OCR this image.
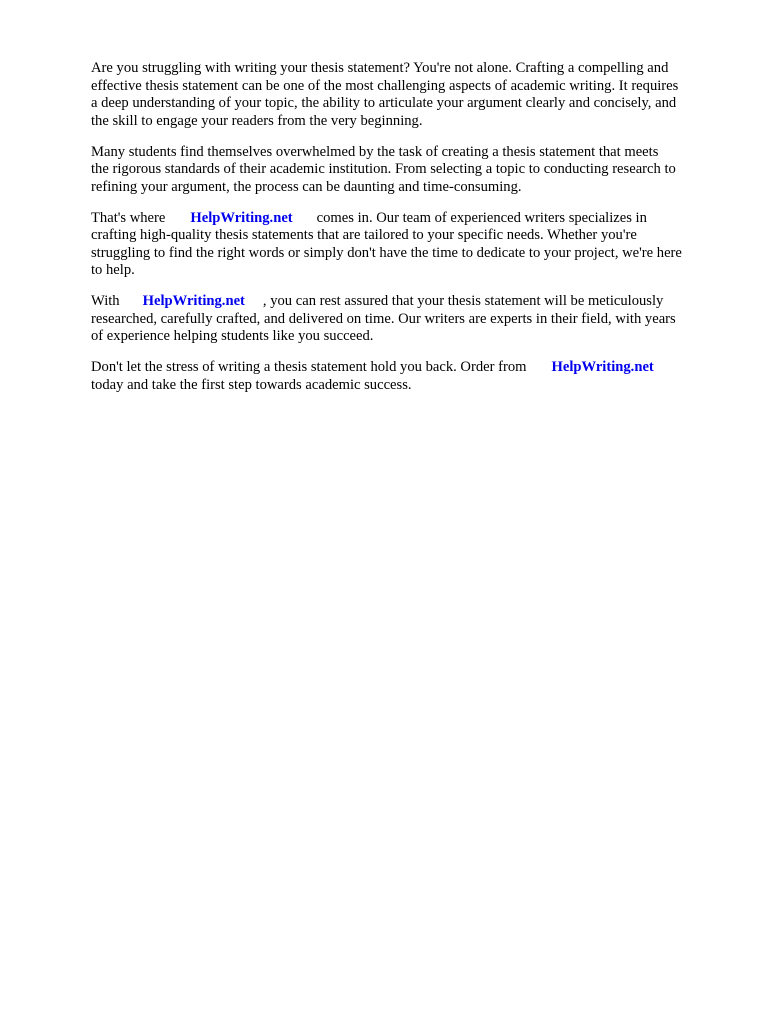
Are you struggling with writing your thesis statement? You're not alone. Crafting a compelling and
effective thesis statement can be one of the most challenging aspects of academic writing. It requires
a deep understanding of your topic, the ability to articulate your argument clearly and concisely, and
the skill to engage your readers from the very beginning.
Many students find themselves overwhelmed by the task of creating a thesis statement that meets
the rigorous standards of their academic institution. From selecting a topic to conducting research to
refining your argument, the process can be daunting and time-consuming.
That's where HelpWriting.net comes in. Our team of experienced writers specializes in
crafting high-quality thesis statements that are tailored to your specific needs. Whether you're
struggling to find the right words or simply don't have the time to dedicate to your project, we're here
to help.
With HelpWriting.net , you can rest assured that your thesis statement will be meticulously
researched, carefully crafted, and delivered on time. Our writers are experts in their field, with years
of experience helping students like you succeed.
Don't let the stress of writing a thesis statement hold you back. Order from HelpWriting.net
today and take the first step towards academic success.
